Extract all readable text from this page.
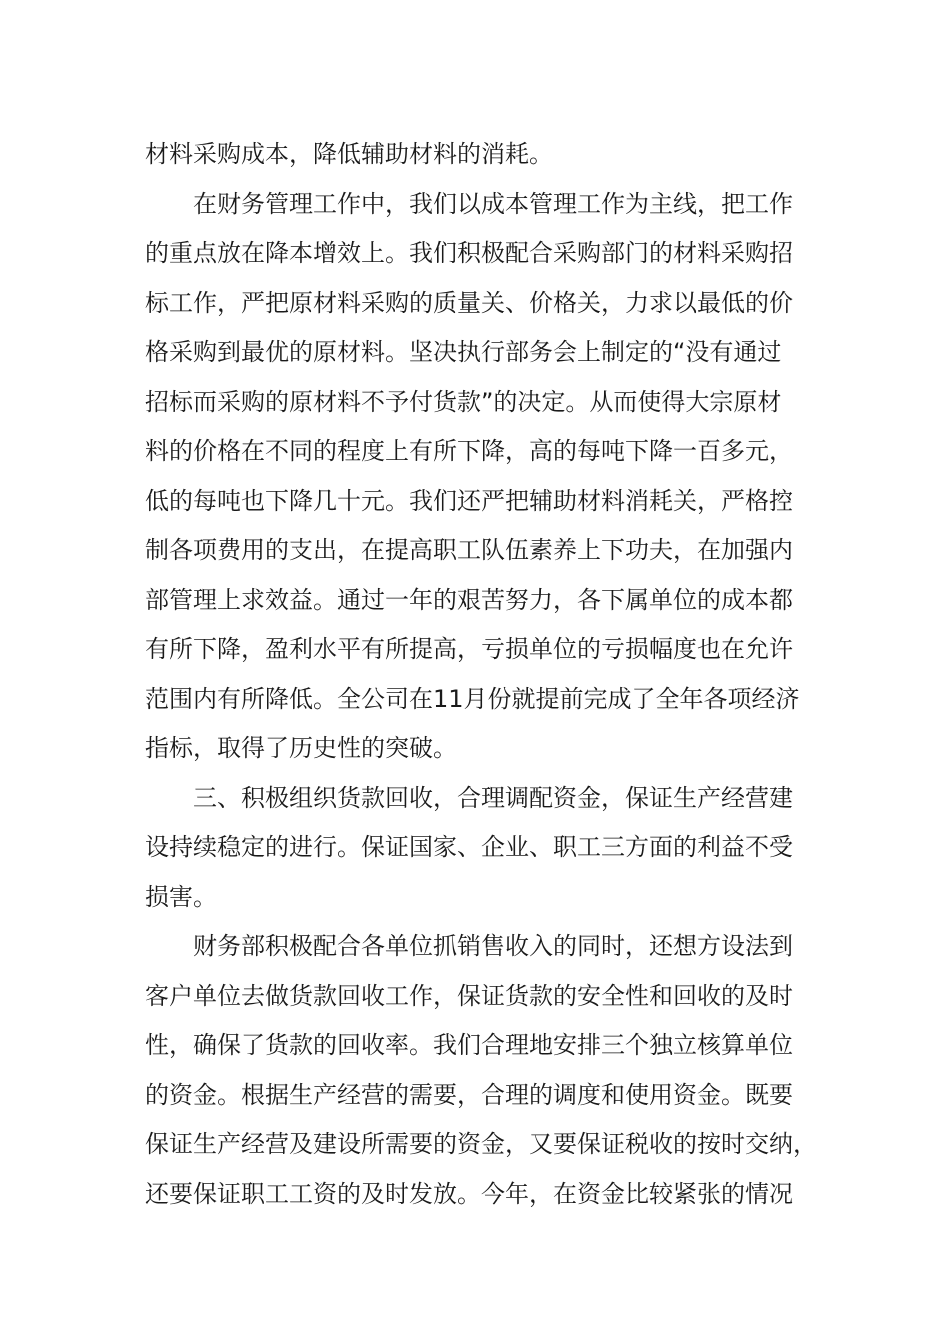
材料采购成本，降低辅助材料的消耗。
在财务管理工作中，我们以成本管理工作为主线，把工作
的重点放在降本增效上。我们积极配合采购部门的材料采购招
标工作，严把原材料采购的质量关、价格关，力求以最低的价
格采购到最优的原材料。坚决执行部务会上制定的“没有通过
招标而采购的原材料不予付货款”的决定。从而使得大宗原材
料的价格在不同的程度上有所下降，高的每吨下降一百多元，
低的每吨也下降几十元。我们还严把辅助材料消耗关，严格控
制各项费用的支出，在提高职工队伍素养上下功夫，在加强内
部管理上求效益。通过一年的艰苦努力，各下属单位的成本都
有所下降，盈利水平有所提高，亏损单位的亏损幅度也在允许
范围内有所降低。全公司在11月份就提前完成了全年各项经济
指标，取得了历史性的突破。
三、积极组织货款回收，合理调配资金，保证生产经营建
设持续稳定的进行。保证国家、企业、职工三方面的利益不受
损害。
财务部积极配合各单位抓销售收入的同时，还想方设法到
客户单位去做货款回收工作，保证货款的安全性和回收的及时
性，确保了货款的回收率。我们合理地安排三个独立核算单位
的资金。根据生产经营的需要，合理的调度和使用资金。既要
保证生产经营及建设所需要的资金，又要保证税收的按时交纳，
还要保证职工工资的及时发放。今年，在资金比较紧张的情况
